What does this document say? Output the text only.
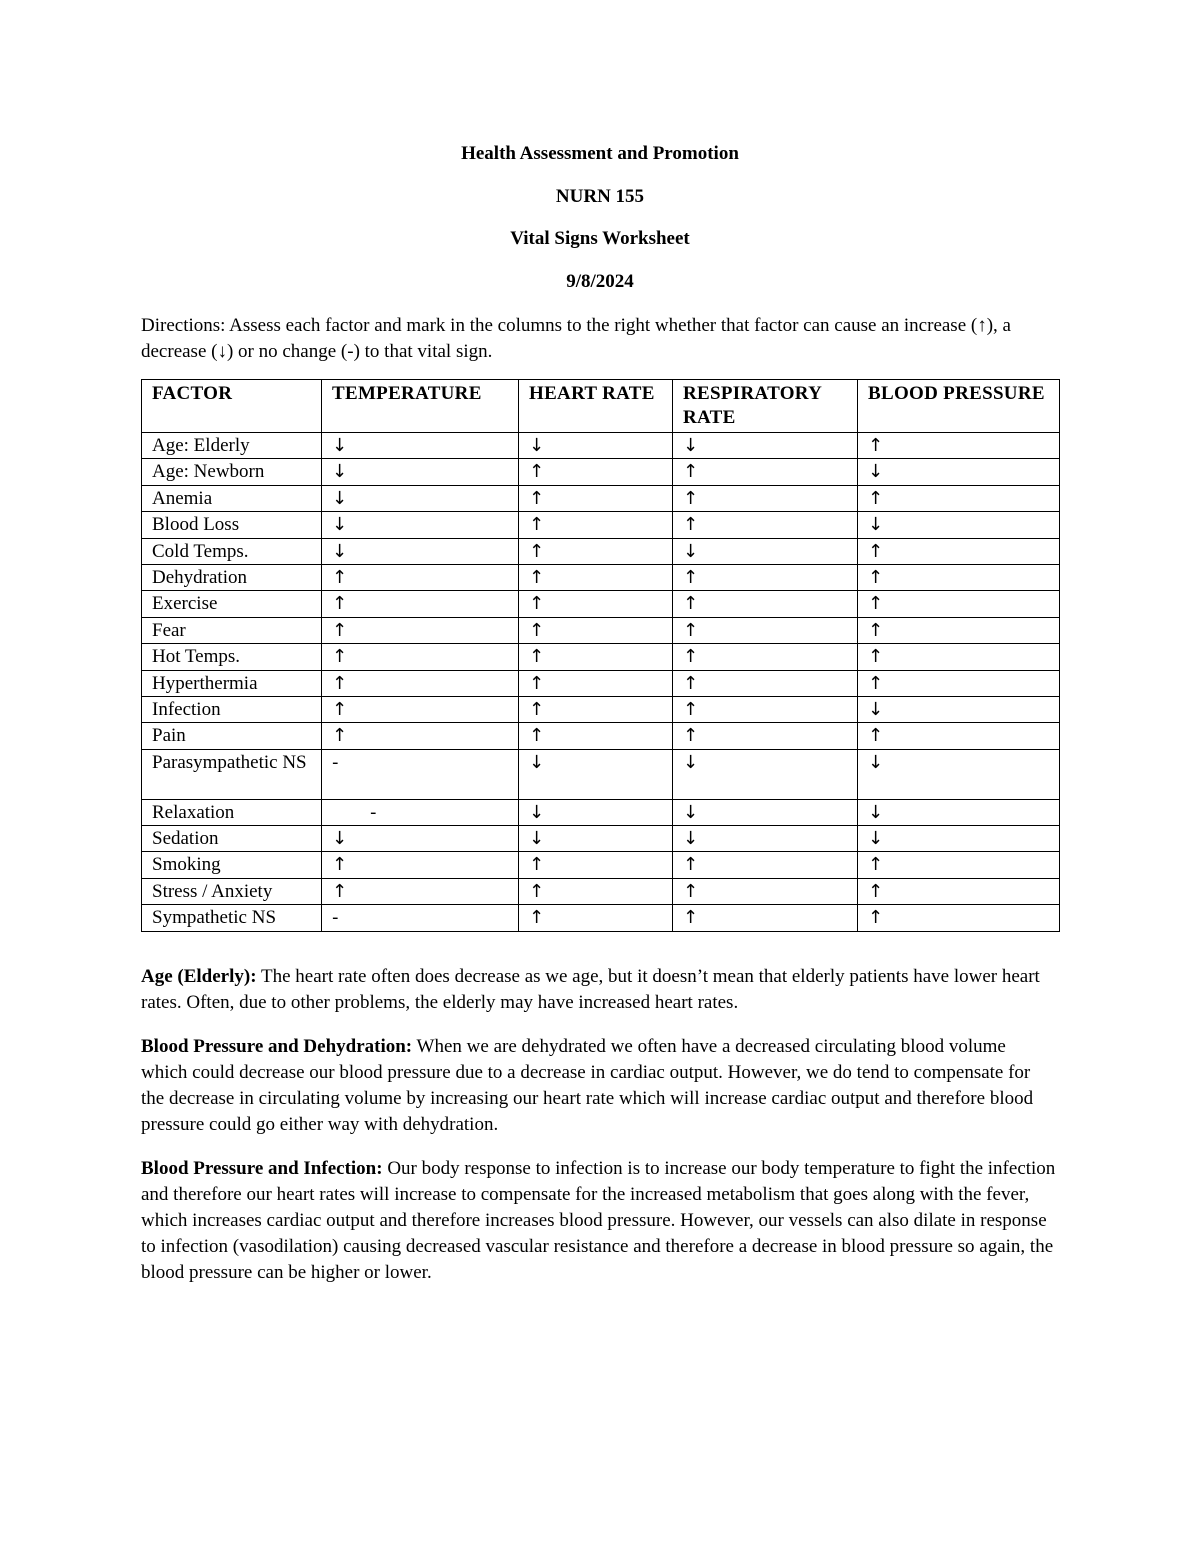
Health Assessment and Promotion
NURN 155
Vital Signs Worksheet
9/8/2024
Directions: Assess each factor and mark in the columns to the right whether that factor can cause an increase (↑), a decrease (↓) or no change (-) to that vital sign.
FACTOR	TEMPERATURE	HEART RATE	RESPIRATORY RATE	BLOOD PRESSURE
Age: Elderly	↓	↓	↓	↑
Age: Newborn	↓	↑	↑	↓
Anemia	↓	↑	↑	↑
Blood Loss	↓	↑	↑	↓
Cold Temps.	↓	↑	↓	↑
Dehydration	↑	↑	↑	↑
Exercise	↑	↑	↑	↑
Fear	↑	↑	↑	↑
Hot Temps.	↑	↑	↑	↑
Hyperthermia	↑	↑	↑	↑
Infection	↑	↑	↑	↓
Pain	↑	↑	↑	↑
Parasympathetic NS	-	↓	↓	↓
Relaxation	-	↓	↓	↓
Sedation	↓	↓	↓	↓
Smoking	↑	↑	↑	↑
Stress / Anxiety	↑	↑	↑	↑
Sympathetic NS	-	↑	↑	↑

Age (Elderly): The heart rate often does decrease as we age, but it doesn’t mean that elderly patients have lower heart rates. Often, due to other problems, the elderly may have increased heart rates.

Blood Pressure and Dehydration: When we are dehydrated we often have a decreased circulating blood volume which could decrease our blood pressure due to a decrease in cardiac output. However, we do tend to compensate for the decrease in circulating volume by increasing our heart rate which will increase cardiac output and therefore blood pressure could go either way with dehydration.

Blood Pressure and Infection: Our body response to infection is to increase our body temperature to fight the infection and therefore our heart rates will increase to compensate for the increased metabolism that goes along with the fever, which increases cardiac output and therefore increases blood pressure. However, our vessels can also dilate in response to infection (vasodilation) causing decreased vascular resistance and therefore a decrease in blood pressure so again, the blood pressure can be higher or lower.
